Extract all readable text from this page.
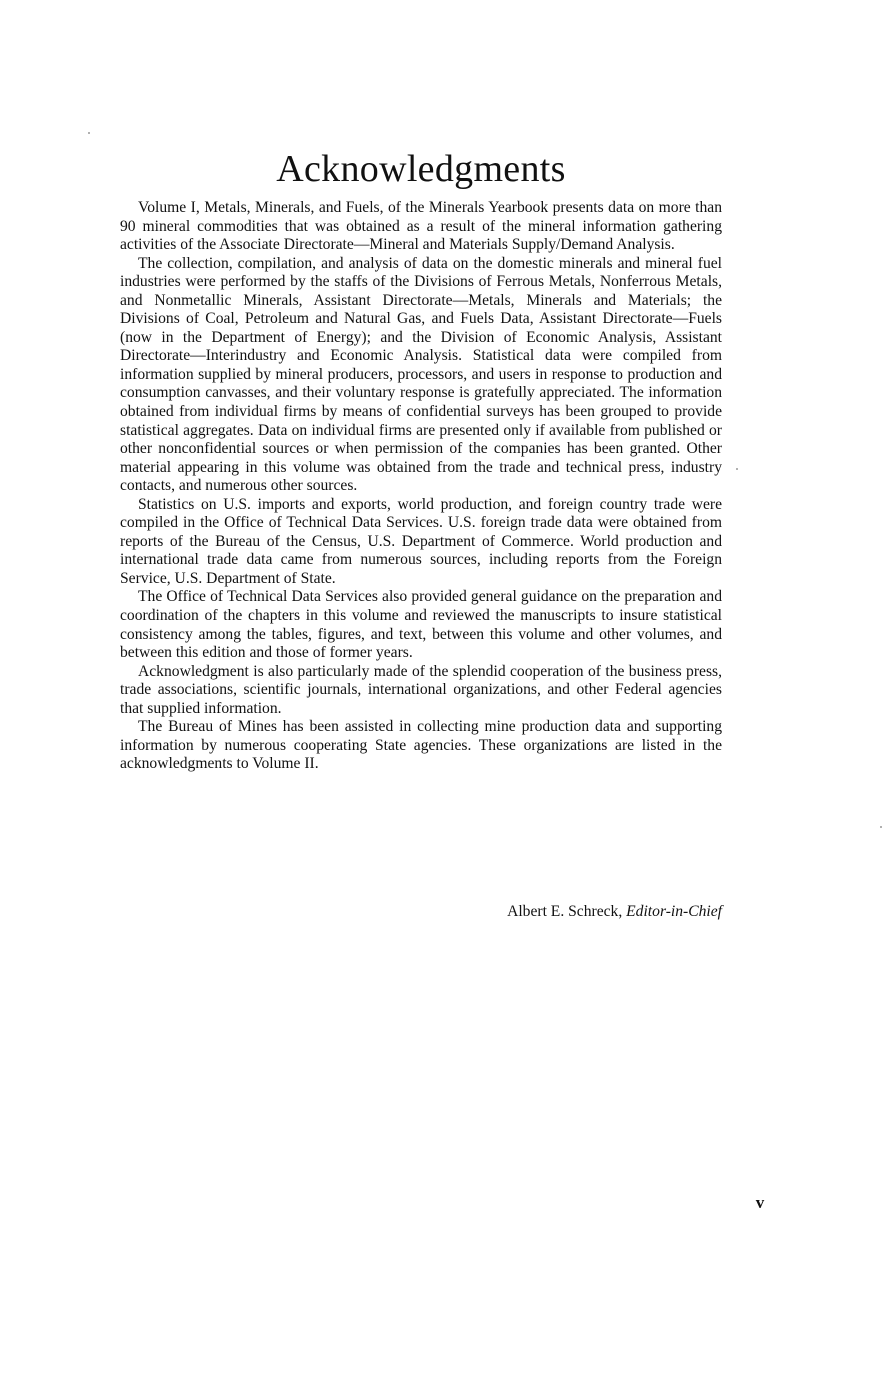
Acknowledgments

Volume I, Metals, Minerals, and Fuels, of the Minerals Yearbook presents data on more than 90 mineral commodities that was obtained as a result of the mineral information gathering activities of the Associate Directorate—Mineral and Materials Supply/Demand Analysis.

The collection, compilation, and analysis of data on the domestic minerals and mineral fuel industries were performed by the staffs of the Divisions of Ferrous Metals, Nonferrous Metals, and Nonmetallic Minerals, Assistant Directorate—Metals, Minerals and Materials; the Divisions of Coal, Petroleum and Natural Gas, and Fuels Data, Assistant Directorate—Fuels (now in the Department of Energy); and the Division of Economic Analysis, Assistant Directorate—Interindustry and Economic Analysis. Statistical data were compiled from information supplied by mineral producers, processors, and users in response to production and consumption canvasses, and their voluntary response is gratefully appreciated. The information obtained from individual firms by means of confidential surveys has been grouped to provide statistical aggregates. Data on individual firms are presented only if available from published or other nonconfidential sources or when permission of the companies has been granted. Other material appearing in this volume was obtained from the trade and technical press, industry contacts, and numerous other sources.

Statistics on U.S. imports and exports, world production, and foreign country trade were compiled in the Office of Technical Data Services. U.S. foreign trade data were obtained from reports of the Bureau of the Census, U.S. Department of Commerce. World production and international trade data came from numerous sources, including reports from the Foreign Service, U.S. Department of State.

The Office of Technical Data Services also provided general guidance on the preparation and coordination of the chapters in this volume and reviewed the manuscripts to insure statistical consistency among the tables, figures, and text, between this volume and other volumes, and between this edition and those of former years.

Acknowledgment is also particularly made of the splendid cooperation of the business press, trade associations, scientific journals, international organizations, and other Federal agencies that supplied information.

The Bureau of Mines has been assisted in collecting mine production data and supporting information by numerous cooperating State agencies. These organizations are listed in the acknowledgments to Volume II.

Albert E. Schreck, Editor-in-Chief

v
